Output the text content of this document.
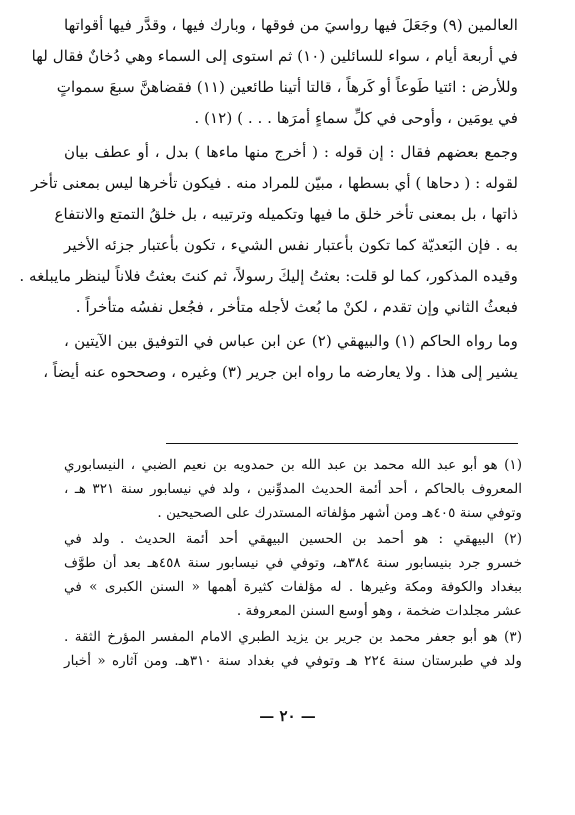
العالمين (٩) وجَعَلَ فيها رواسيَ من فوقها ، وبارك فيها ، وقدَّر فيها أقواتها
في أربعة أيام ، سواء للسائلين (١٠) ثم استوى إلى السماء وهي دُخانٌ فقال لها
وللأرض : ائتيا طَوعاً أو كَرهاً ، قالتا أتينا طائعين (١١) فقضاهنَّ سبعَ سمواتٍ
في يومَين ، وأوحى في كلِّ سماءٍ أمرَها . . . ) (١٢) .
وجمع بعضهم فقال : إن قوله : ( أخرج منها ماءها ) بدل ، أو عطف بيان
لقوله : ( دحاها ) أي بسطها ، مبيّن للمراد منه . فيكون تأخرها ليس بمعنى تأخر
ذاتها ، بل بمعنى تأخر خلق ما فيها وتكميله وترتيبه ، بل خلقُ التمتع والانتفاع
به . فإن البَعديّة كما تكون بأعتبار نفس الشيء ، تكون بأعتبار جزئه الأخير
وقيده المذكور، كما لو قلت: بعثتُ إليكَ رسولاً، ثم كنتَ بعثتُ فلاناً لينظر مايبلغه .
فبعثُ الثاني وإن تقدم ، لكنْ ما بُعث لأجله متأخر ، فجُعل نفسُه متأخراً .
وما رواه الحاكم (١) والبيهقي (٢) عن ابن عباس في التوفيق بين الآيتين ،
يشير إلى هذا . ولا يعارضه ما رواه ابن جرير (٣) وغيره ، وصححوه عنه أيضاً ،
(١) هو أبو عبد الله محمد بن عبد الله بن حمدويه بن نعيم الضبي ، النيسابوري
المعروف بالحاكم ، أحد أئمة الحديث المدوِّنين ، ولد في نيسابور سنة ٣٢١ هـ ،
وتوفي سنة ٤٠٥هـ ومن أشهر مؤلفاته المستدرك على الصحيحين .
(٢) البيهقي : هو أحمد بن الحسين البيهقي أحد أئمة الحديث . ولد في
خسرو جرد بنيسابور سنة ٣٨٤هـ، وتوفي في نيسابور سنة ٤٥٨هـ بعد أن طوَّف
ببغداد والكوفة ومكة وغيرها . له مؤلفات كثيرة أهمها « السنن الكبرى » في
عشر مجلدات ضخمة ، وهو أوسع السنن المعروفة .
(٣) هو أبو جعفر محمد بن جرير بن يزيد الطبري الامام المفسر المؤرخ الثقة .
ولد في طبرستان سنة ٢٢٤ هـ وتوفي في بغداد سنة ٣١٠هـ. ومن آثاره « أخبار
— ٢٠ —
